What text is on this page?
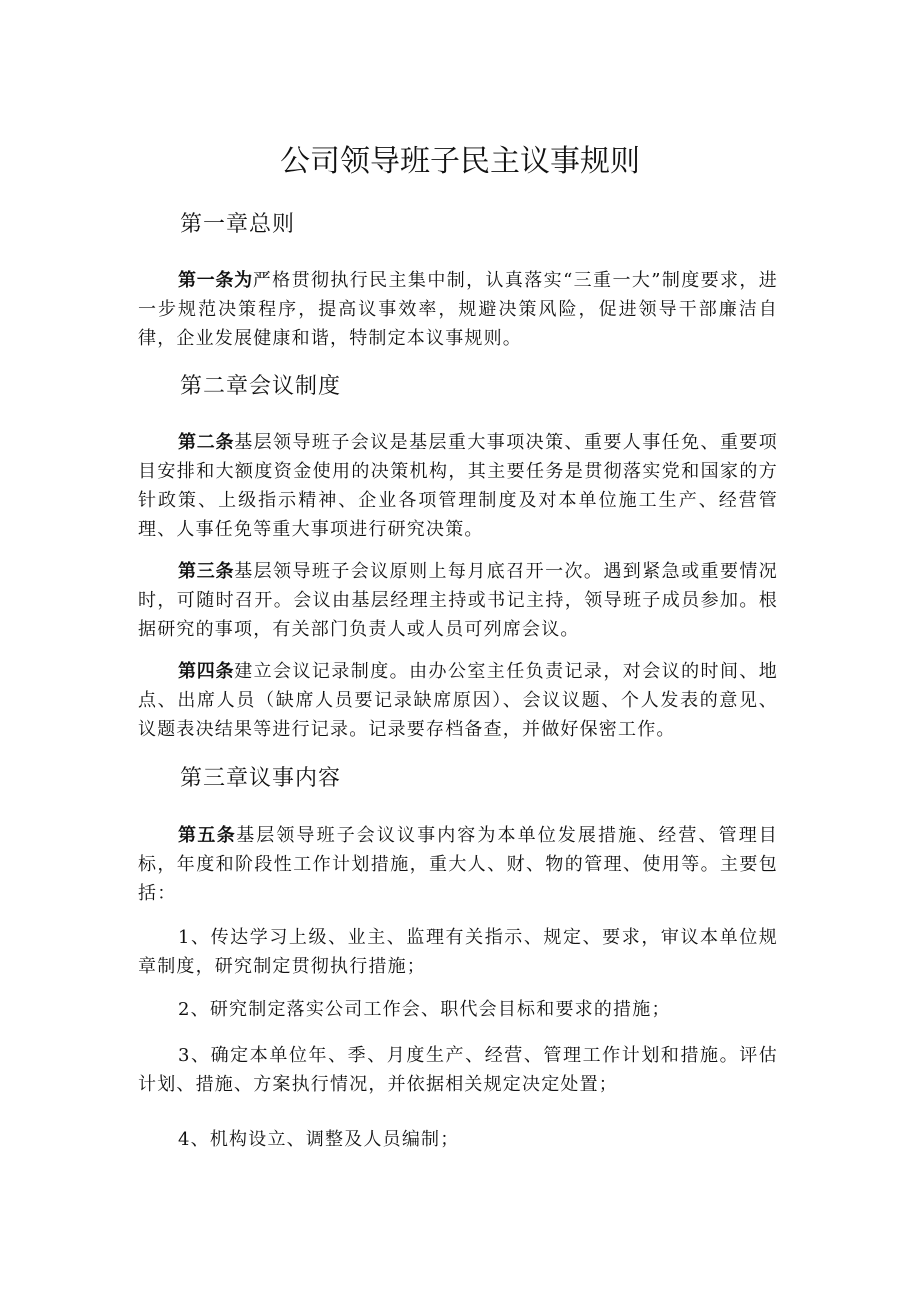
公司领导班子民主议事规则
第一章总则

第一条为严格贯彻执行民主集中制，认真落实“三重一大”制度要求，进一步规范决策程序，提高议事效率，规避决策风险，促进领导干部廉洁自律，企业发展健康和谐，特制定本议事规则。

第二章会议制度

第二条基层领导班子会议是基层重大事项决策、重要人事任免、重要项目安排和大额度资金使用的决策机构，其主要任务是贯彻落实党和国家的方针政策、上级指示精神、企业各项管理制度及对本单位施工生产、经营管理、人事任免等重大事项进行研究决策。

第三条基层领导班子会议原则上每月底召开一次。遇到紧急或重要情况时，可随时召开。会议由基层经理主持或书记主持，领导班子成员参加。根据研究的事项，有关部门负责人或人员可列席会议。

第四条建立会议记录制度。由办公室主任负责记录，对会议的时间、地点、出席人员（缺席人员要记录缺席原因）、会议议题、个人发表的意见、议题表决结果等进行记录。记录要存档备查，并做好保密工作。

第三章议事内容

第五条基层领导班子会议议事内容为本单位发展措施、经营、管理目标，年度和阶段性工作计划措施，重大人、财、物的管理、使用等。主要包括：

1、传达学习上级、业主、监理有关指示、规定、要求，审议本单位规章制度，研究制定贯彻执行措施；

2、研究制定落实公司工作会、职代会目标和要求的措施；

3、确定本单位年、季、月度生产、经营、管理工作计划和措施。评估计划、措施、方案执行情况，并依据相关规定决定处置；

4、机构设立、调整及人员编制；
